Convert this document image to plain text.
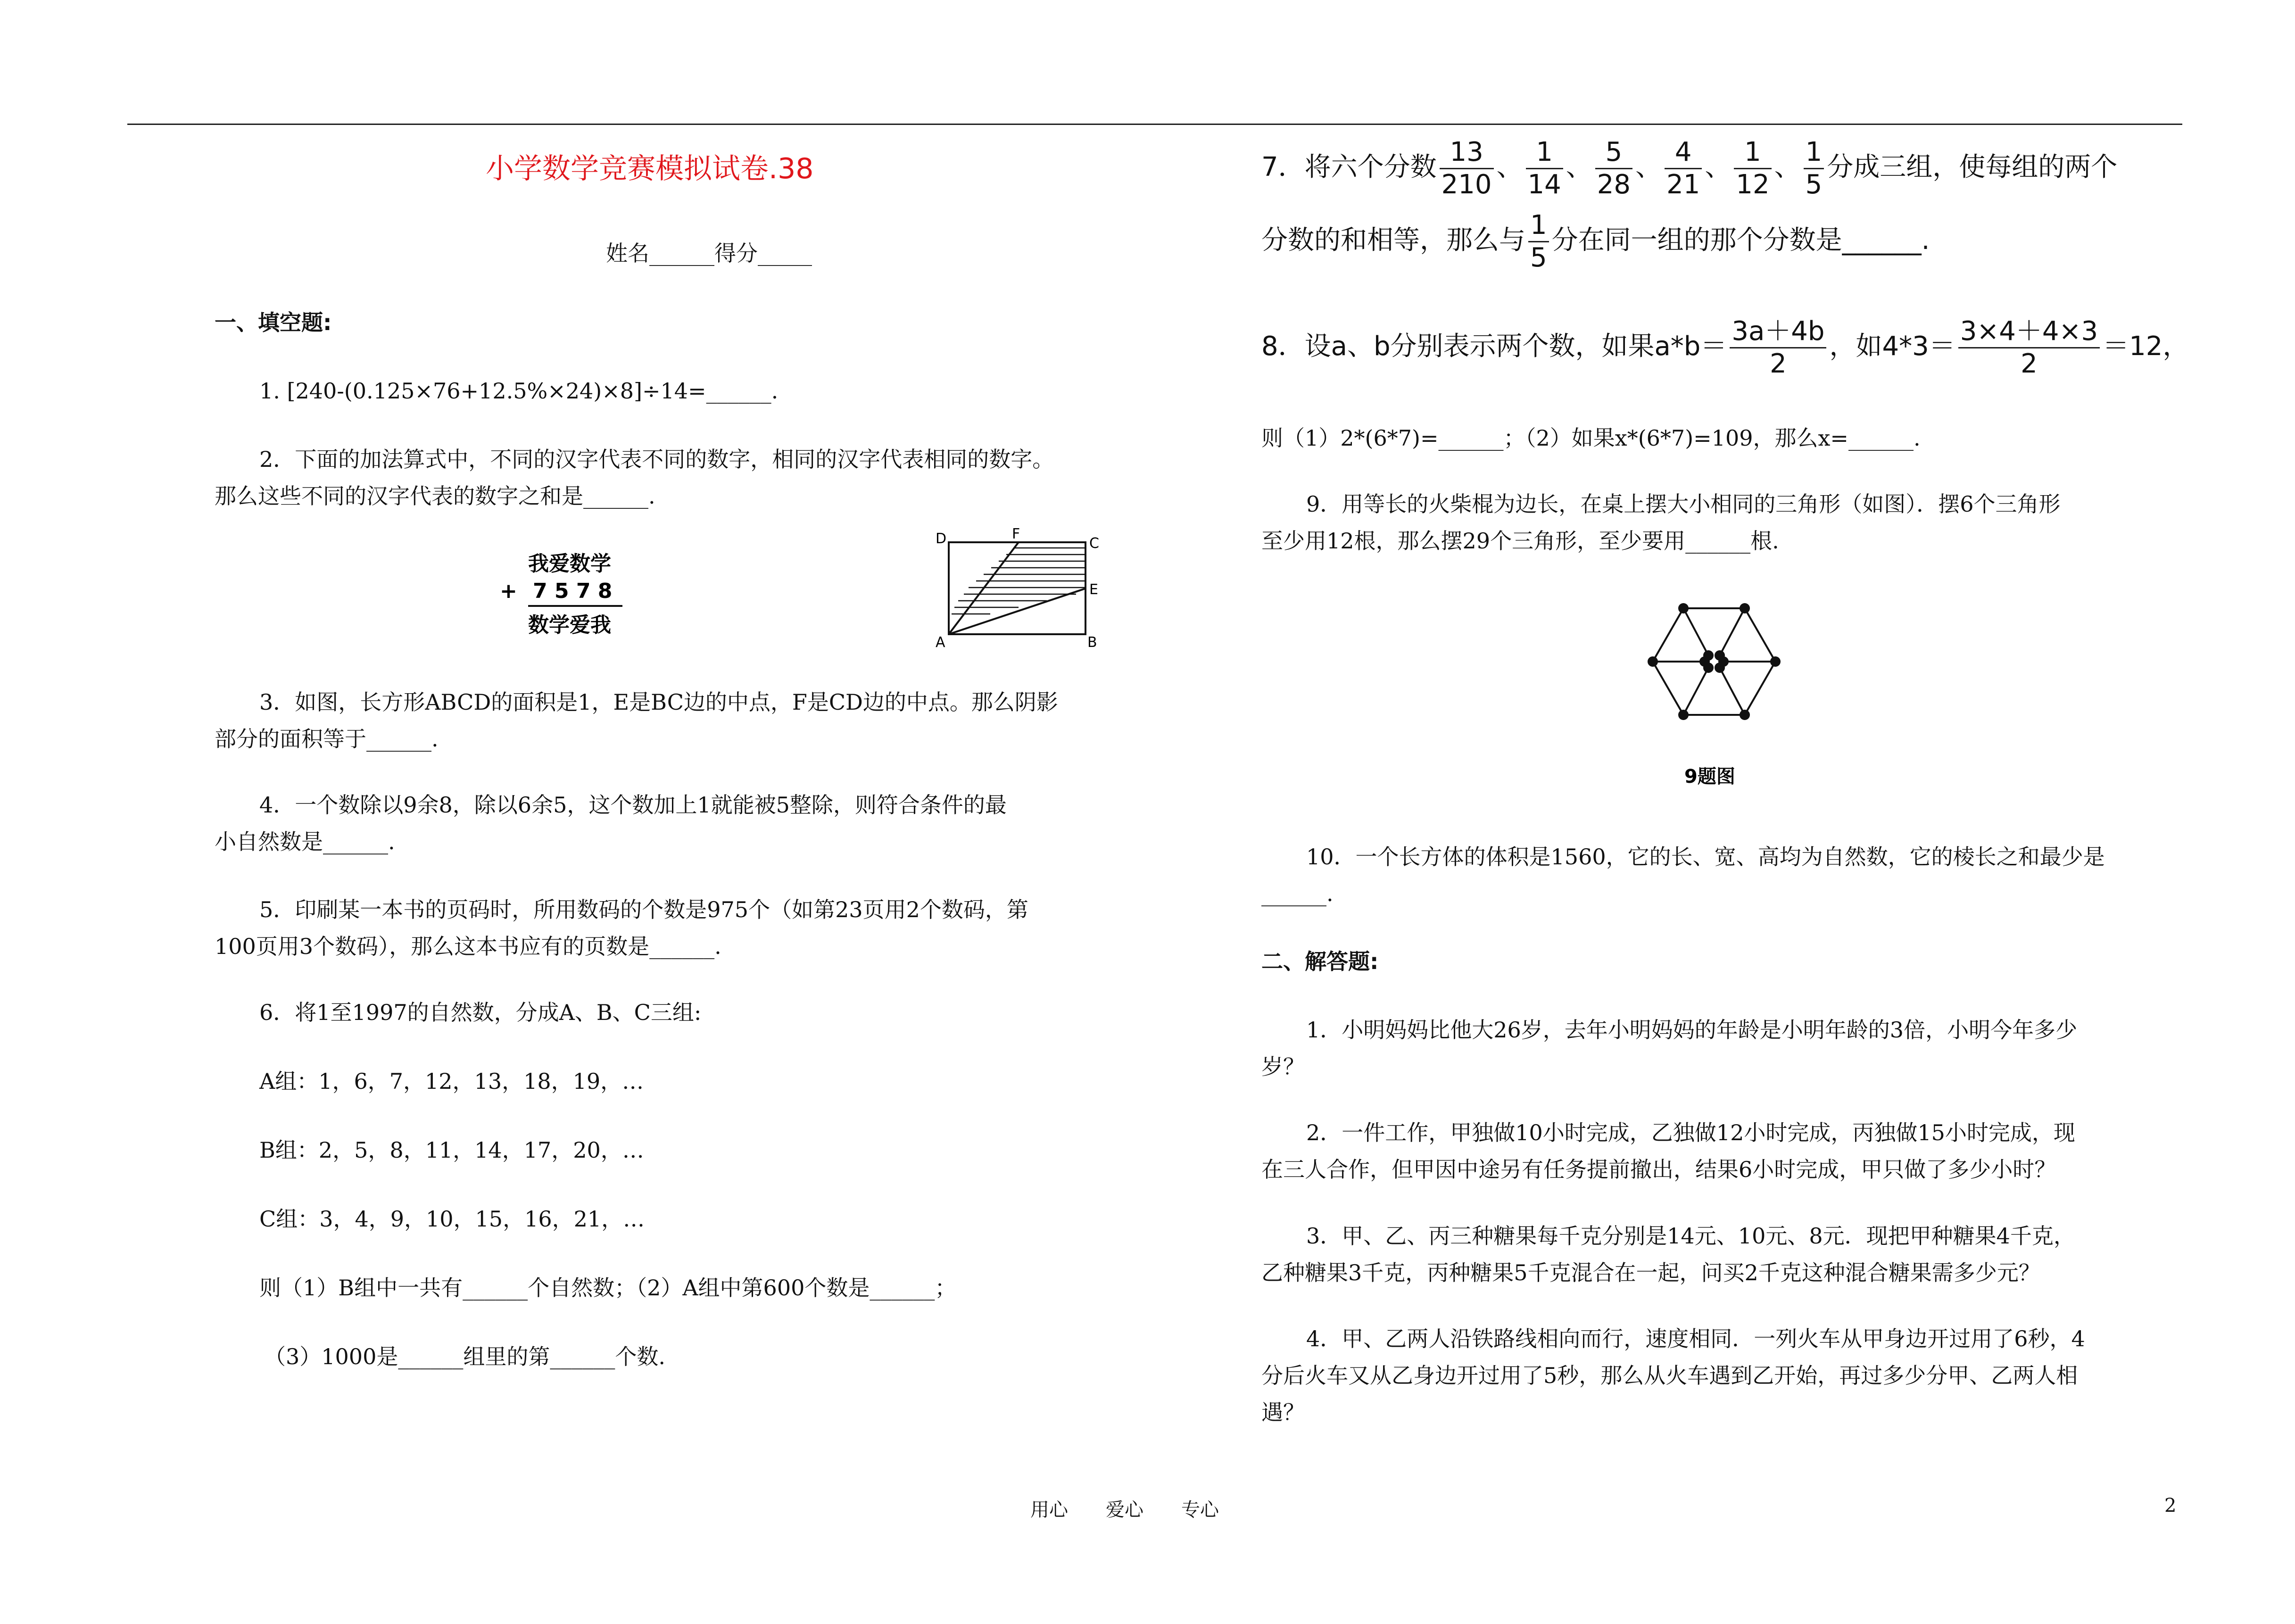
小学数学竞赛模拟试卷.38
姓名______得分_____
一、填空题:
1. [240-(0.125×76+12.5%×24)×8]÷14=______.
2．下面的加法算式中，不同的汉字代表不同的数字，相同的汉字代表相同的数字。
那么这些不同的汉字代表的数字之和是______.
我爱数学
+ 7 5 7 8
数学爱我
D	F
C
E
A	B
3．如图，长方形ABCD的面积是1，E是BC边的中点，F是CD边的中点。那么阴影
部分的面积等于______.
4．一个数除以9余8，除以6余5，这个数加上1就能被5整除，则符合条件的最
小自然数是______.
5．印刷某一本书的页码时，所用数码的个数是975个（如第23页用2个数码，第
100页用3个数码），那么这本书应有的页数是______.
6．将1至1997的自然数，分成A、B、C三组:
A组：1，6，7，12，13，18，19，…
B组：2，5，8，11，14，17，20，…
C组：3，4，9，10，15，16，21，…
则（1）B组中一共有______个自然数；（2）A组中第600个数是______；
（3）1000是______组里的第______个数.
7．将六个分数 $\frac{13}{210}$ 、 $\frac{1}{14}$ 、 $\frac{5}{28}$ 、 $\frac{4}{21}$ 、 $\frac{1}{12}$ 、 $\frac{1}{5}$ 分成三组，使每组的两个
分数的和相等，那么与 $\frac{1}{5}$ 分在同一组的那个分数是______.
8．设a、b分别表示两个数，如果$a*b= \frac{3a+4b}{2}$ ，如$4*3= \frac{3\times 4+4\times 3}{2} =12$，
则（1）2*(6*7)=______；（2）如果x*(6*7)=109，那么x=______.
9．用等长的火柴棍为边长，在桌上摆大小相同的三角形（如图）．摆6个三角形
至少用12根，那么摆29个三角形，至少要用______根.
9题图
10．一个长方体的体积是1560，它的长、宽、高均为自然数，它的棱长之和最少是
______.
二、解答题:
1．小明妈妈比他大26岁，去年小明妈妈的年龄是小明年龄的3倍，小明今年多少
岁？
2．一件工作，甲独做10小时完成，乙独做12小时完成，丙独做15小时完成，现
在三人合作，但甲因中途另有任务提前撤出，结果6小时完成，甲只做了多少小时？
3．甲、乙、丙三种糖果每千克分别是14元、10元、8元．现把甲种糖果4千克，
乙种糖果3千克，丙种糖果5千克混合在一起，问买2千克这种混合糖果需多少元？
4．甲、乙两人沿铁路线相向而行，速度相同．一列火车从甲身边开过用了6秒，4
分后火车又从乙身边开过用了5秒，那么从火车遇到乙开始，再过多少分甲、乙两人相
遇？
用心　　爱心　　专心	2
